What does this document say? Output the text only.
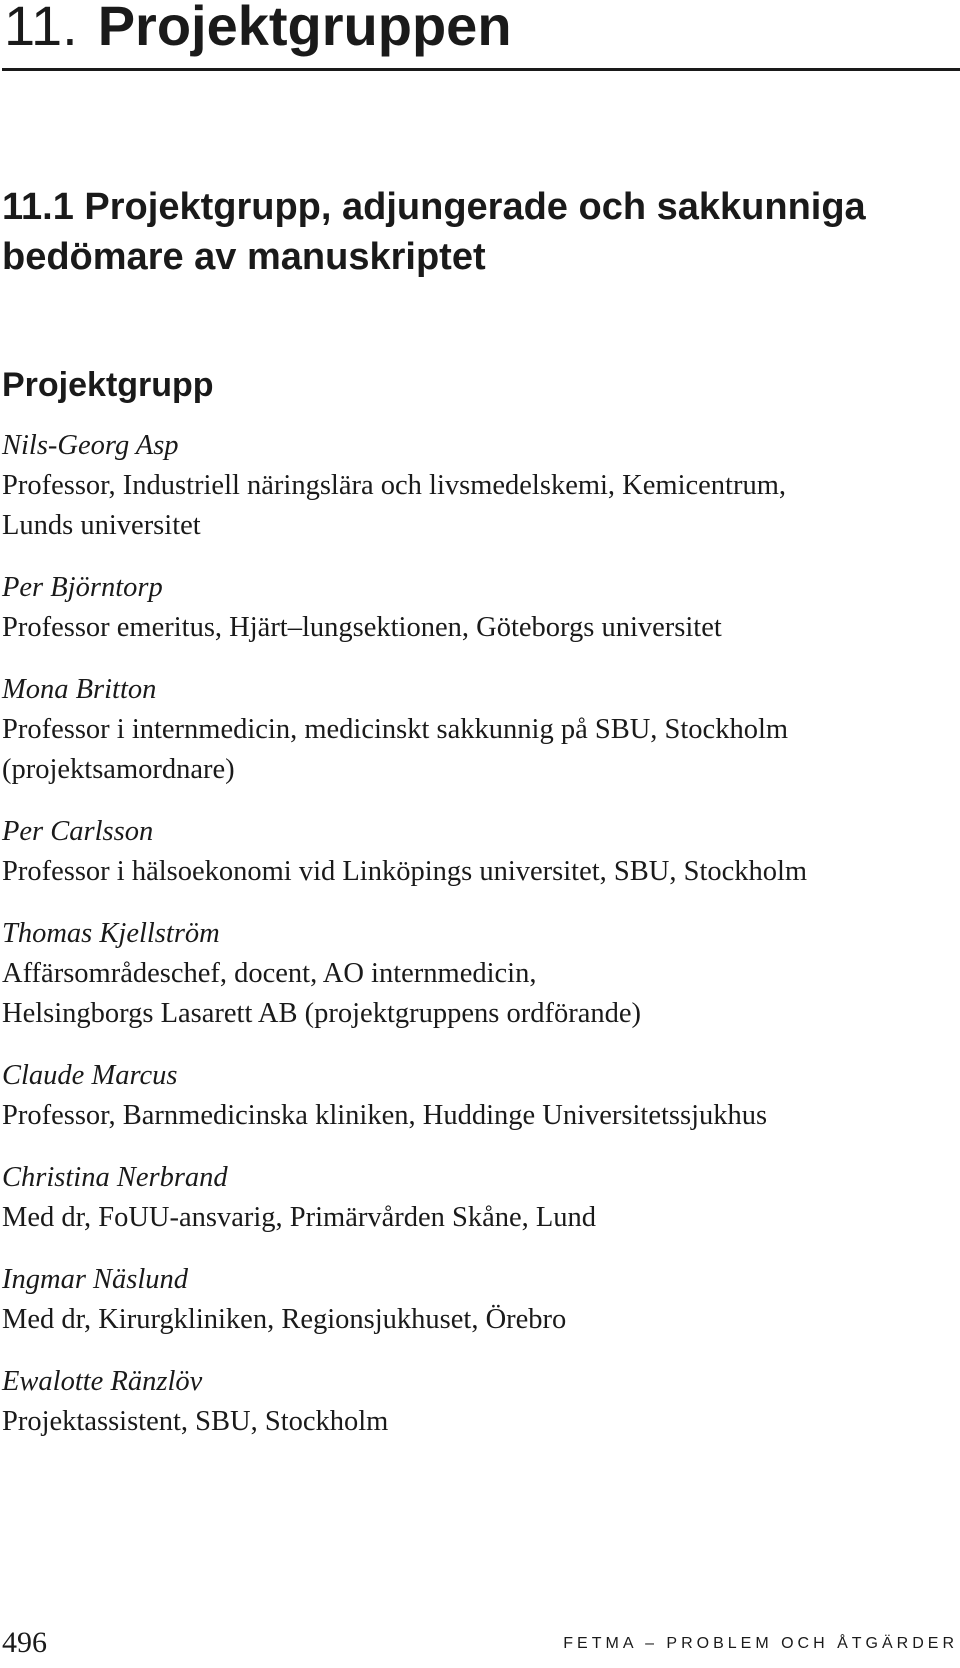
11. Projektgruppen
11.1 Projektgrupp, adjungerade och sakkunniga bedömare av manuskriptet
Projektgrupp
Nils-Georg Asp
Professor, Industriell näringslära och livsmedelskemi, Kemicentrum,
Lunds universitet
Per Björntorp
Professor emeritus, Hjärt–lungsektionen, Göteborgs universitet
Mona Britton
Professor i internmedicin, medicinskt sakkunnig på SBU, Stockholm
(projektsamordnare)
Per Carlsson
Professor i hälsoekonomi vid Linköpings universitet, SBU, Stockholm
Thomas Kjellström
Affärsområdeschef, docent, AO internmedicin,
Helsingborgs Lasarett AB (projektgruppens ordförande)
Claude Marcus
Professor, Barnmedicinska kliniken, Huddinge Universitetssjukhus
Christina Nerbrand
Med dr, FoUU-ansvarig, Primärvården Skåne, Lund
Ingmar Näslund
Med dr, Kirurgkliniken, Regionsjukhuset, Örebro
Ewalotte Ränzlöv
Projektassistent, SBU, Stockholm
496	FETMA – PROBLEM OCH ÅTGÄRDER
